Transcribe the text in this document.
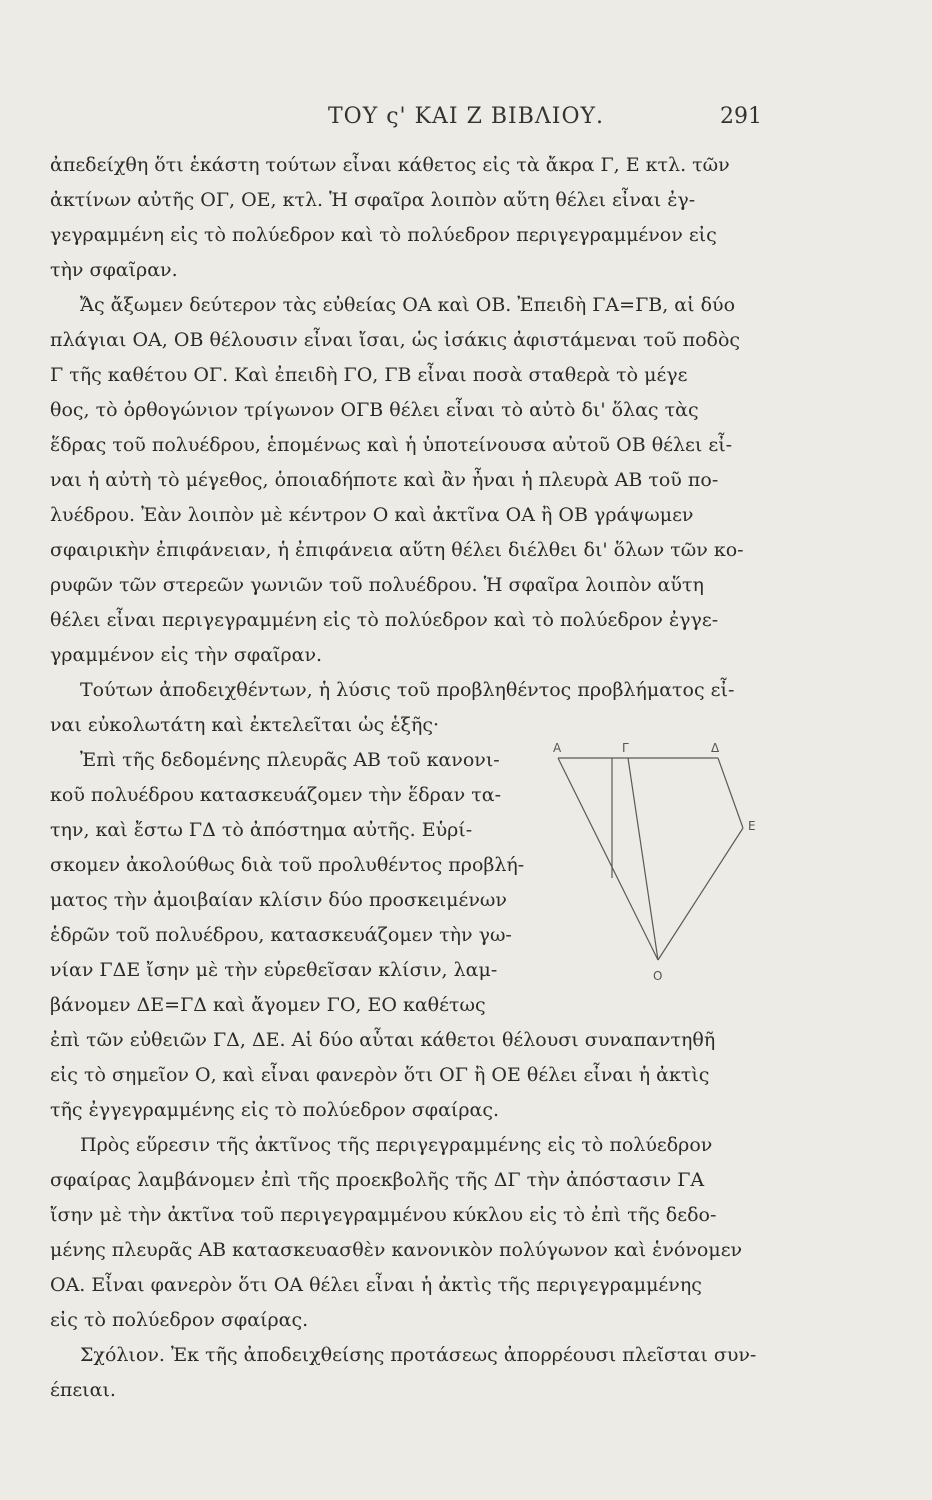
ΤΟΥ ς' ΚΑΙ Ζ ΒΙΒΛΙΟΥ.	291
ἀπεδείχθη ὅτι ἑκάστη τούτων εἶναι κάθετος εἰς τὰ ἄκρα Γ, Ε κτλ. τῶν
ἀκτίνων αὐτῆς ΟΓ, ΟΕ, κτλ. Ἡ σφαῖρα λοιπὸν αὕτη θέλει εἶναι ἐγ-
γεγραμμένη εἰς τὸ πολύεδρον καὶ τὸ πολύεδρον περιγεγραμμένον εἰς
τὴν σφαῖραν.
Ἄς ἄξωμεν δεύτερον τὰς εὐθείας ΟΑ καὶ ΟΒ. Ἐπειδὴ ΓΑ=ΓΒ, αἱ δύο
πλάγιαι ΟΑ, ΟΒ θέλουσιν εἶναι ἴσαι, ὡς ἰσάκις ἀφιστάμεναι τοῦ ποδὸς
Γ τῆς καθέτου ΟΓ. Καὶ ἐπειδὴ ΓΟ, ΓΒ εἶναι ποσὰ σταθερὰ τὸ μέγε
θος, τὸ ὀρθογώνιον τρίγωνον ΟΓΒ θέλει εἶναι τὸ αὐτὸ δι' ὅλας τὰς
ἕδρας τοῦ πολυέδρου, ἑπομένως καὶ ἡ ὑποτείνουσα αὐτοῦ ΟΒ θέλει εἶ-
ναι ἡ αὐτὴ τὸ μέγεθος, ὁποιαδήποτε καὶ ἂν ἦναι ἡ πλευρὰ ΑΒ τοῦ πο-
λυέδρου. Ἐὰν λοιπὸν μὲ κέντρον Ο καὶ ἀκτῖνα ΟΑ ἢ ΟΒ γράψωμεν
σφαιρικὴν ἐπιφάνειαν, ἡ ἐπιφάνεια αὕτη θέλει διέλθει δι' ὅλων τῶν κο-
ρυφῶν τῶν στερεῶν γωνιῶν τοῦ πολυέδρου. Ἡ σφαῖρα λοιπὸν αὕτη
θέλει εἶναι περιγεγραμμένη εἰς τὸ πολύεδρον καὶ τὸ πολύεδρον ἐγγε-
γραμμένον εἰς τὴν σφαῖραν.
Τούτων ἀποδειχθέντων, ἡ λύσις τοῦ προβληθέντος προβλήματος εἶ-
ναι εὐκολωτάτη καὶ ἐκτελεῖται ὡς ἑξῆς·
Ἐπὶ τῆς δεδομένης πλευρᾶς ΑΒ τοῦ κανονι-
κοῦ πολυέδρου κατασκευάζομεν τὴν ἕδραν τα-
την, καὶ ἔστω ΓΔ τὸ ἀπόστημα αὐτῆς. Εὑρί-
σκομεν ἀκολούθως διὰ τοῦ προλυθέντος προβλή-
ματος τὴν ἀμοιβαίαν κλίσιν δύο προσκειμένων
ἑδρῶν τοῦ πολυέδρου, κατασκευάζομεν τὴν γω-
νίαν ΓΔΕ ἴσην μὲ τὴν εὑρεθεῖσαν κλίσιν, λαμ-
βάνομεν ΔΕ=ΓΔ καὶ ἄγομεν ΓΟ, ΕΟ καθέτως
ἐπὶ τῶν εὐθειῶν ΓΔ, ΔΕ. Αἱ δύο αὗται κάθετοι θέλουσι συναπαντηθῆ
εἰς τὸ σημεῖον Ο, καὶ εἶναι φανερὸν ὅτι ΟΓ ἢ ΟΕ θέλει εἶναι ἡ ἀκτὶς
τῆς ἐγγεγραμμένης εἰς τὸ πολύεδρον σφαίρας.
Πρὸς εὕρεσιν τῆς ἀκτῖνος τῆς περιγεγραμμένης εἰς τὸ πολύεδρον
σφαίρας λαμβάνομεν ἐπὶ τῆς προεκβολῆς τῆς ΔΓ τὴν ἀπόστασιν ΓΑ
ἴσην μὲ τὴν ἀκτῖνα τοῦ περιγεγραμμένου κύκλου εἰς τὸ ἐπὶ τῆς δεδο-
μένης πλευρᾶς ΑΒ κατασκευασθὲν κανονικὸν πολύγωνον καὶ ἑνόνομεν
ΟΑ. Εἶναι φανερὸν ὅτι ΟΑ θέλει εἶναι ἡ ἀκτὶς τῆς περιγεγραμμένης
εἰς τὸ πολύεδρον σφαίρας.
Σχόλιον. Ἐκ τῆς ἀποδειχθείσης προτάσεως ἀπορρέουσι πλεῖσται συν-
έπειαι.
Α	Γ	Δ
Ε
Ο
